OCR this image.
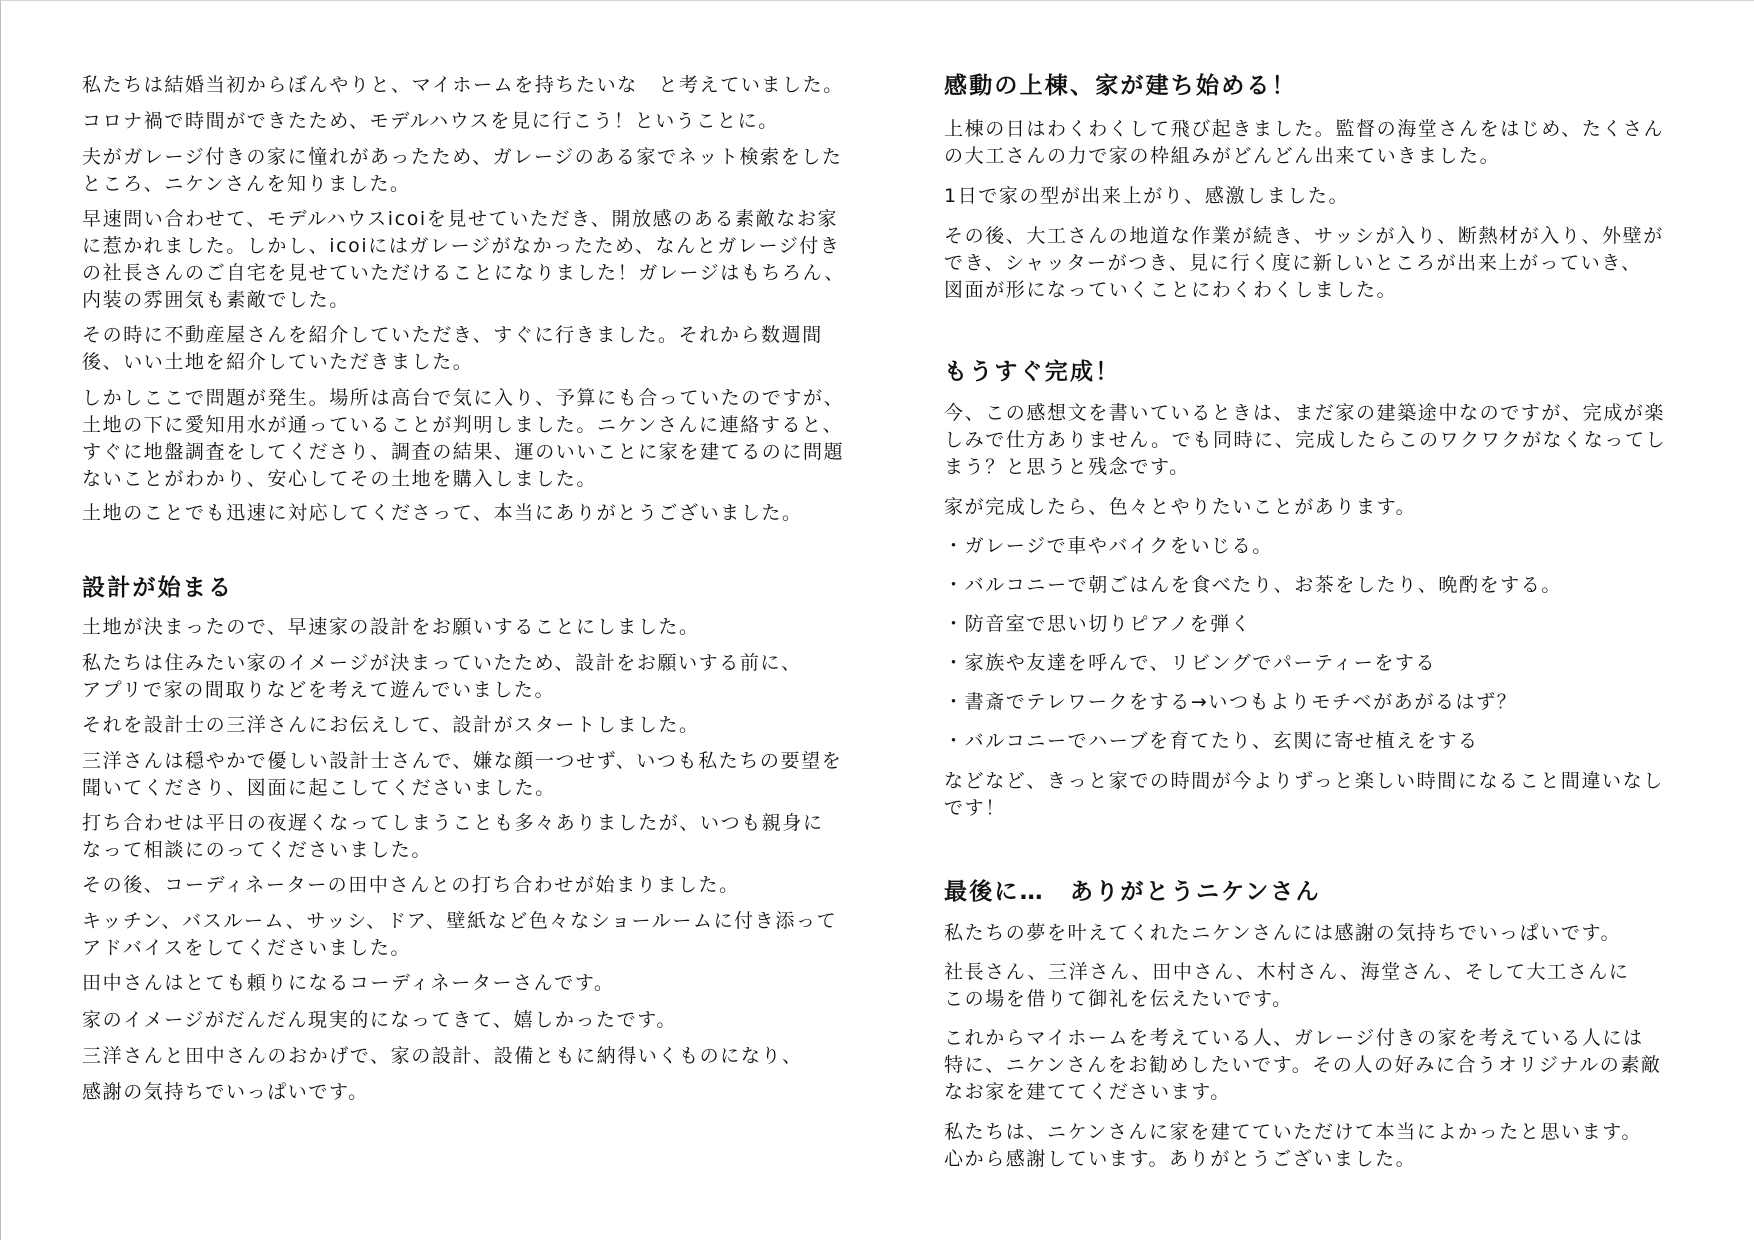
私たちは結婚当初からぼんやりと、マイホームを持ちたいな　と考えていました。

コロナ禍で時間ができたため、モデルハウスを見に行こう！ということに。

夫がガレージ付きの家に憧れがあったため、ガレージのある家でネット検索をした
ところ、ニケンさんを知りました。

早速問い合わせて、モデルハウスicoiを見せていただき、開放感のある素敵なお家
に惹かれました。しかし、icoiにはガレージがなかったため、なんとガレージ付き
の社長さんのご自宅を見せていただけることになりました！ガレージはもちろん、
内装の雰囲気も素敵でした。

その時に不動産屋さんを紹介していただき、すぐに行きました。それから数週間
後、いい土地を紹介していただきました。

しかしここで問題が発生。場所は高台で気に入り、予算にも合っていたのですが、
土地の下に愛知用水が通っていることが判明しました。ニケンさんに連絡すると、
すぐに地盤調査をしてくださり、調査の結果、運のいいことに家を建てるのに問題
ないことがわかり、安心してその土地を購入しました。

土地のことでも迅速に対応してくださって、本当にありがとうございました。

設計が始まる

土地が決まったので、早速家の設計をお願いすることにしました。

私たちは住みたい家のイメージが決まっていたため、設計をお願いする前に、
アプリで家の間取りなどを考えて遊んでいました。

それを設計士の三洋さんにお伝えして、設計がスタートしました。

三洋さんは穏やかで優しい設計士さんで、嫌な顔一つせず、いつも私たちの要望を
聞いてくださり、図面に起こしてくださいました。

打ち合わせは平日の夜遅くなってしまうことも多々ありましたが、いつも親身に
なって相談にのってくださいました。

その後、コーディネーターの田中さんとの打ち合わせが始まりました。

キッチン、バスルーム、サッシ、ドア、壁紙など色々なショールームに付き添って
アドバイスをしてくださいました。

田中さんはとても頼りになるコーディネーターさんです。

家のイメージがだんだん現実的になってきて、嬉しかったです。

三洋さんと田中さんのおかげで、家の設計、設備ともに納得いくものになり、

感謝の気持ちでいっぱいです。

感動の上棟、家が建ち始める！

上棟の日はわくわくして飛び起きました。監督の海堂さんをはじめ、たくさん
の大工さんの力で家の枠組みがどんどん出来ていきました。

1日で家の型が出来上がり、感激しました。

その後、大工さんの地道な作業が続き、サッシが入り、断熱材が入り、外壁が
でき、シャッターがつき、見に行く度に新しいところが出来上がっていき、
図面が形になっていくことにわくわくしました。

もうすぐ完成！

今、この感想文を書いているときは、まだ家の建築途中なのですが、完成が楽
しみで仕方ありません。でも同時に、完成したらこのワクワクがなくなってし
まう？と思うと残念です。

家が完成したら、色々とやりたいことがあります。

・ガレージで車やバイクをいじる。

・バルコニーで朝ごはんを食べたり、お茶をしたり、晩酌をする。

・防音室で思い切りピアノを弾く

・家族や友達を呼んで、リビングでパーティーをする

・書斎でテレワークをする→いつもよりモチベがあがるはず？

・バルコニーでハーブを育てたり、玄関に寄せ植えをする

などなど、きっと家での時間が今よりずっと楽しい時間になること間違いなし
です！

最後に…　ありがとうニケンさん

私たちの夢を叶えてくれたニケンさんには感謝の気持ちでいっぱいです。

社長さん、三洋さん、田中さん、木村さん、海堂さん、そして大工さんに
この場を借りて御礼を伝えたいです。

これからマイホームを考えている人、ガレージ付きの家を考えている人には
特に、ニケンさんをお勧めしたいです。その人の好みに合うオリジナルの素敵
なお家を建ててくださいます。

私たちは、ニケンさんに家を建てていただけて本当によかったと思います。
心から感謝しています。ありがとうございました。
